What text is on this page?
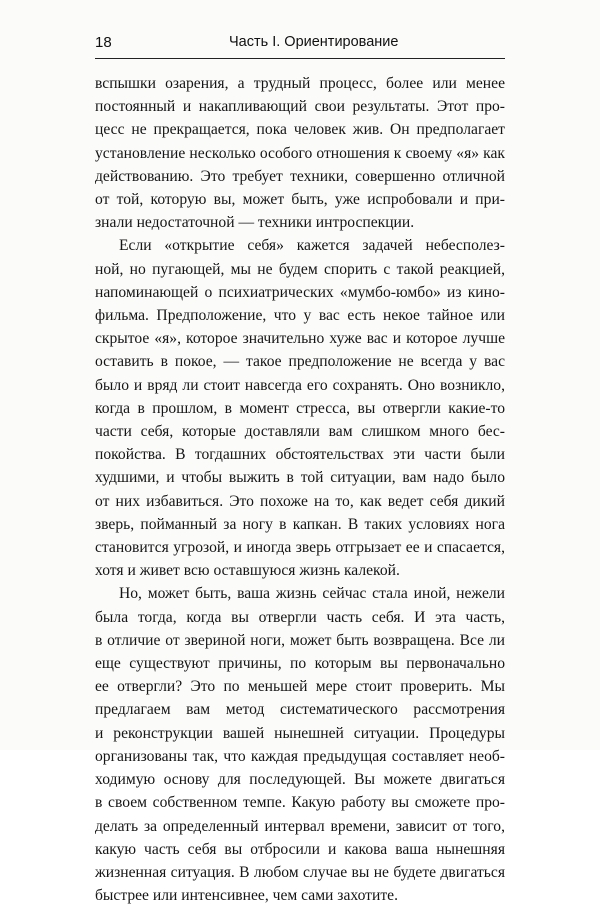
18	Часть I. Ориентирование
вспышки озарения, а трудный процесс, более или менее
постоянный и накапливающий свои результаты. Этот про-
цесс не прекращается, пока человек жив. Он предполагает
установление несколько особого отношения к своему «я» как
действованию. Это требует техники, совершенно отличной
от той, которую вы, может быть, уже испробовали и при-
знали недостаточной — техники интроспекции.
Если «открытие себя» кажется задачей небесполез-
ной, но пугающей, мы не будем спорить с такой реакцией,
напоминающей о психиатрических «мумбо-юмбо» из кино-
фильма. Предположение, что у вас есть некое тайное или
скрытое «я», которое значительно хуже вас и которое лучше
оставить в покое, — такое предположение не всегда у вас
было и вряд ли стоит навсегда его сохранять. Оно возникло,
когда в прошлом, в момент стресса, вы отвергли какие-то
части себя, которые доставляли вам слишком много бес-
покойства. В тогдашних обстоятельствах эти части были
худшими, и чтобы выжить в той ситуации, вам надо было
от них избавиться. Это похоже на то, как ведет себя дикий
зверь, пойманный за ногу в капкан. В таких условиях нога
становится угрозой, и иногда зверь отгрызает ее и спасается,
хотя и живет всю оставшуюся жизнь калекой.
Но, может быть, ваша жизнь сейчас стала иной, нежели
была тогда, когда вы отвергли часть себя. И эта часть,
в отличие от звериной ноги, может быть возвращена. Все ли
еще существуют причины, по которым вы первоначально
ее отвергли? Это по меньшей мере стоит проверить. Мы
предлагаем вам метод систематического рассмотрения
и реконструкции вашей нынешней ситуации. Процедуры
организованы так, что каждая предыдущая составляет необ-
ходимую основу для последующей. Вы можете двигаться
в своем собственном темпе. Какую работу вы сможете про-
делать за определенный интервал времени, зависит от того,
какую часть себя вы отбросили и какова ваша нынешняя
жизненная ситуация. В любом случае вы не будете двигаться
быстрее или интенсивнее, чем сами захотите.
